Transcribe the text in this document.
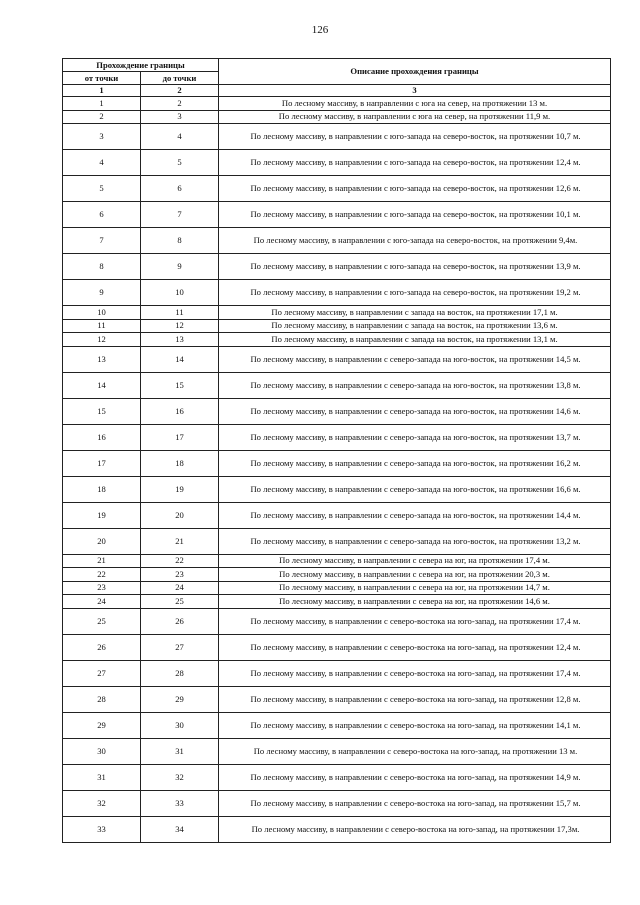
126
Прохождение границы		Описание прохождения границы
от точки	до точки	
1	2	3
1	2	По лесному массиву, в направлении с юга на север, на протяжении 13 м.
2	3	По лесному массиву, в направлении с юга на север, на протяжении 11,9 м.
3	4	По лесному массиву, в направлении с юго-запада на северо-восток, на протяжении 10,7 м.
4	5	По лесному массиву, в направлении с юго-запада на северо-восток, на протяжении 12,4 м.
5	6	По лесному массиву, в направлении с юго-запада на северо-восток, на протяжении 12,6 м.
6	7	По лесному массиву, в направлении с юго-запада на северо-восток, на протяжении 10,1 м.
7	8	По лесному массиву, в направлении с юго-запада на северо-восток, на протяжении 9,4м.
8	9	По лесному массиву, в направлении с юго-запада на северо-восток, на протяжении 13,9 м.
9	10	По лесному массиву, в направлении с юго-запада на северо-восток, на протяжении 19,2 м.
10	11	По лесному массиву, в направлении с запада на восток, на протяжении 17,1 м.
11	12	По лесному массиву, в направлении с запада на восток, на протяжении 13,6 м.
12	13	По лесному массиву, в направлении с запада на восток, на протяжении 13,1 м.
13	14	По лесному массиву, в направлении с северо-запада на юго-восток, на протяжении 14,5 м.
14	15	По лесному массиву, в направлении с северо-запада на юго-восток, на протяжении 13,8 м.
15	16	По лесному массиву, в направлении с северо-запада на юго-восток, на протяжении 14,6 м.
16	17	По лесному массиву, в направлении с северо-запада на юго-восток, на протяжении 13,7 м.
17	18	По лесному массиву, в направлении с северо-запада на юго-восток, на протяжении 16,2 м.
18	19	По лесному массиву, в направлении с северо-запада на юго-восток, на протяжении 16,6 м.
19	20	По лесному массиву, в направлении с северо-запада на юго-восток, на протяжении 14,4 м.
20	21	По лесному массиву, в направлении с северо-запада на юго-восток, на протяжении 13,2 м.
21	22	По лесному массиву, в направлении с севера на юг, на протяжении 17,4 м.
22	23	По лесному массиву, в направлении с севера на юг, на протяжении 20,3 м.
23	24	По лесному массиву, в направлении с севера на юг, на протяжении 14,7 м.
24	25	По лесному массиву, в направлении с севера на юг, на протяжении 14,6 м.
25	26	По лесному массиву, в направлении с северо-востока на юго-запад, на протяжении 17,4 м.
26	27	По лесному массиву, в направлении с северо-востока на юго-запад, на протяжении 12,4 м.
27	28	По лесному массиву, в направлении с северо-востока на юго-запад, на протяжении 17,4 м.
28	29	По лесному массиву, в направлении с северо-востока на юго-запад, на протяжении 12,8 м.
29	30	По лесному массиву, в направлении с северо-востока на юго-запад, на протяжении 14,1 м.
30	31	По лесному массиву, в направлении с северо-востока на юго-запад, на протяжении 13 м.
31	32	По лесному массиву, в направлении с северо-востока на юго-запад, на протяжении 14,9 м.
32	33	По лесному массиву, в направлении с северо-востока на юго-запад, на протяжении 15,7 м.
33	34	По лесному массиву, в направлении с северо-востока на юго-запад, на протяжении 17,3м.
